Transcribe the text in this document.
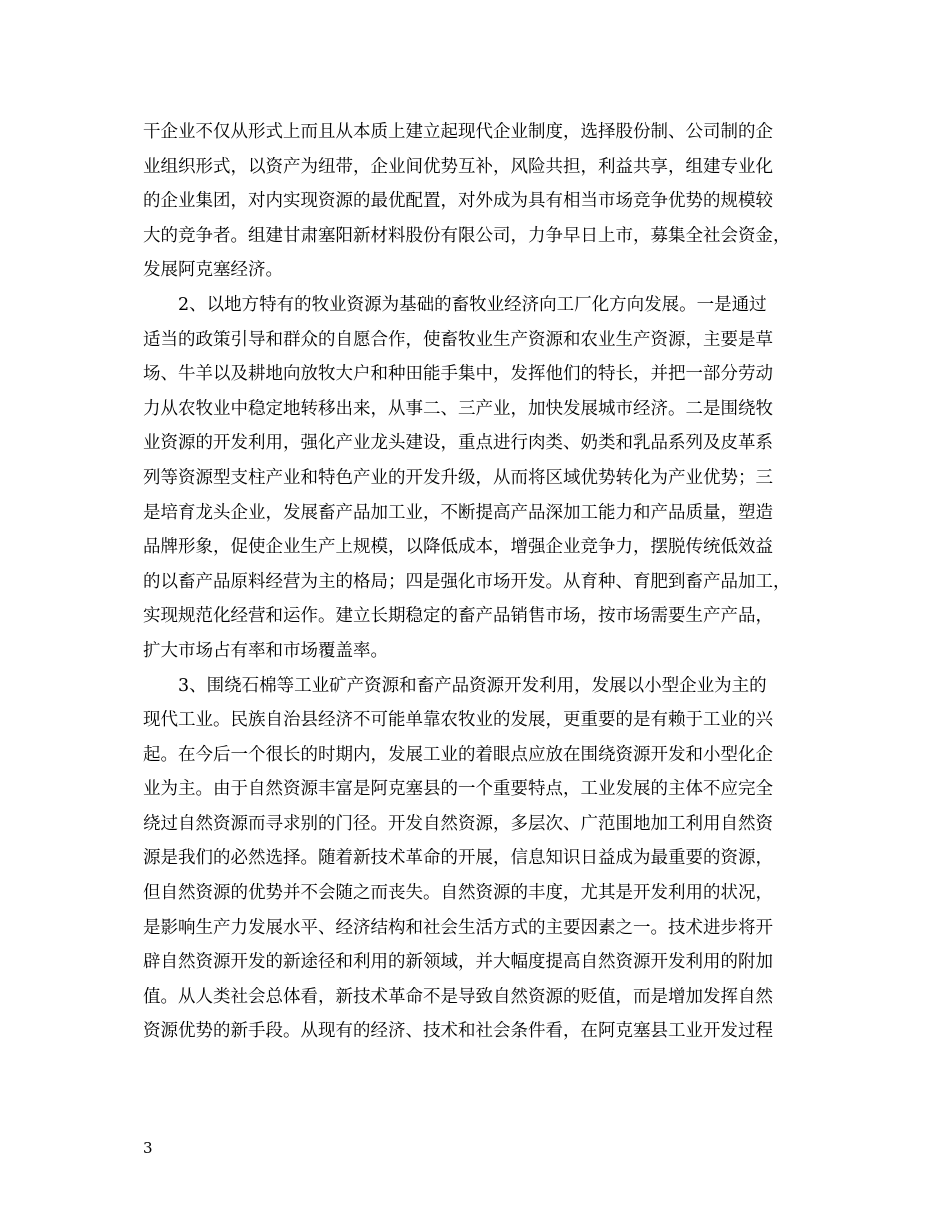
干企业不仅从形式上而且从本质上建立起现代企业制度，选择股份制、公司制的企
业组织形式，以资产为纽带，企业间优势互补，风险共担，利益共享，组建专业化
的企业集团，对内实现资源的最优配置，对外成为具有相当市场竞争优势的规模较
大的竞争者。组建甘肃塞阳新材料股份有限公司，力争早日上市，募集全社会资金，
发展阿克塞经济。
　　2、以地方特有的牧业资源为基础的畜牧业经济向工厂化方向发展。一是通过
适当的政策引导和群众的自愿合作，使畜牧业生产资源和农业生产资源，主要是草
场、牛羊以及耕地向放牧大户和种田能手集中，发挥他们的特长，并把一部分劳动
力从农牧业中稳定地转移出来，从事二、三产业，加快发展城市经济。二是围绕牧
业资源的开发利用，强化产业龙头建设，重点进行肉类、奶类和乳品系列及皮革系
列等资源型支柱产业和特色产业的开发升级，从而将区域优势转化为产业优势；三
是培育龙头企业，发展畜产品加工业，不断提高产品深加工能力和产品质量，塑造
品牌形象，促使企业生产上规模，以降低成本，增强企业竞争力，摆脱传统低效益
的以畜产品原料经营为主的格局；四是强化市场开发。从育种、育肥到畜产品加工，
实现规范化经营和运作。建立长期稳定的畜产品销售市场，按市场需要生产产品，
扩大市场占有率和市场覆盖率。
　　3、围绕石棉等工业矿产资源和畜产品资源开发利用，发展以小型企业为主的
现代工业。民族自治县经济不可能单靠农牧业的发展，更重要的是有赖于工业的兴
起。在今后一个很长的时期内，发展工业的着眼点应放在围绕资源开发和小型化企
业为主。由于自然资源丰富是阿克塞县的一个重要特点，工业发展的主体不应完全
绕过自然资源而寻求别的门径。开发自然资源，多层次、广范围地加工利用自然资
源是我们的必然选择。随着新技术革命的开展，信息知识日益成为最重要的资源，
但自然资源的优势并不会随之而丧失。自然资源的丰度，尤其是开发利用的状况，
是影响生产力发展水平、经济结构和社会生活方式的主要因素之一。技术进步将开
辟自然资源开发的新途径和利用的新领域，并大幅度提高自然资源开发利用的附加
值。从人类社会总体看，新技术革命不是导致自然资源的贬值，而是增加发挥自然
资源优势的新手段。从现有的经济、技术和社会条件看，在阿克塞县工业开发过程
3
